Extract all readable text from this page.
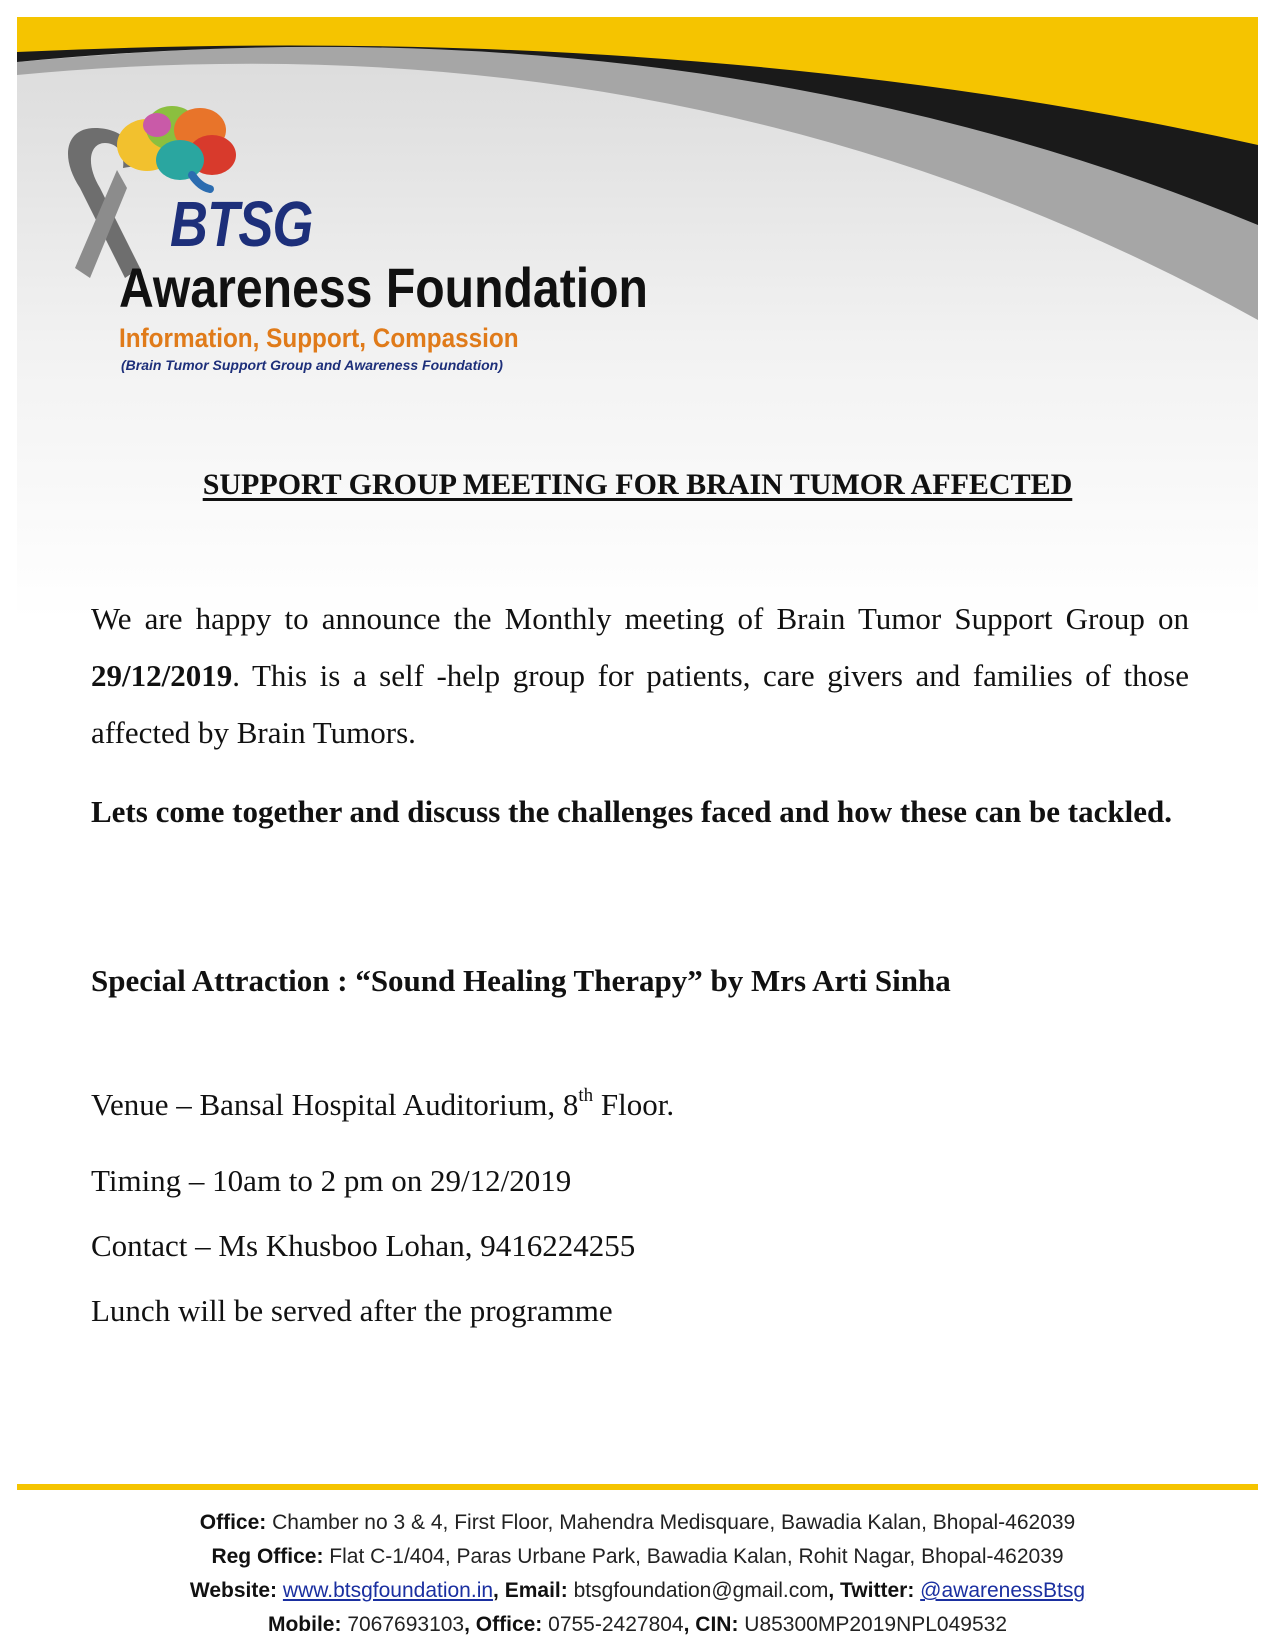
BTSG
Awareness Foundation
Information, Support, Compassion
(Brain Tumor Support Group and Awareness Foundation)
SUPPORT GROUP MEETING FOR BRAIN TUMOR AFFECTED

We are happy to announce the Monthly meeting of Brain Tumor Support Group on 29/12/2019. This is a self -help group for patients, care givers and families of those affected by Brain Tumors.

Lets come together and discuss the challenges faced and how these can be tackled.

Special Attraction : “Sound Healing Therapy” by Mrs Arti Sinha

Venue – Bansal Hospital Auditorium, 8th Floor.

Timing – 10am to 2 pm on 29/12/2019

Contact – Ms Khusboo Lohan, 9416224255

Lunch will be served after the programme

Office: Chamber no 3 & 4, First Floor, Mahendra Medisquare, Bawadia Kalan, Bhopal-462039
Reg Office: Flat C-1/404, Paras Urbane Park, Bawadia Kalan, Rohit Nagar, Bhopal-462039
Website: www.btsgfoundation.in, Email: btsgfoundation@gmail.com, Twitter: @awarenessBtsg
Mobile: 7067693103, Office: 0755-2427804, CIN: U85300MP2019NPL049532
